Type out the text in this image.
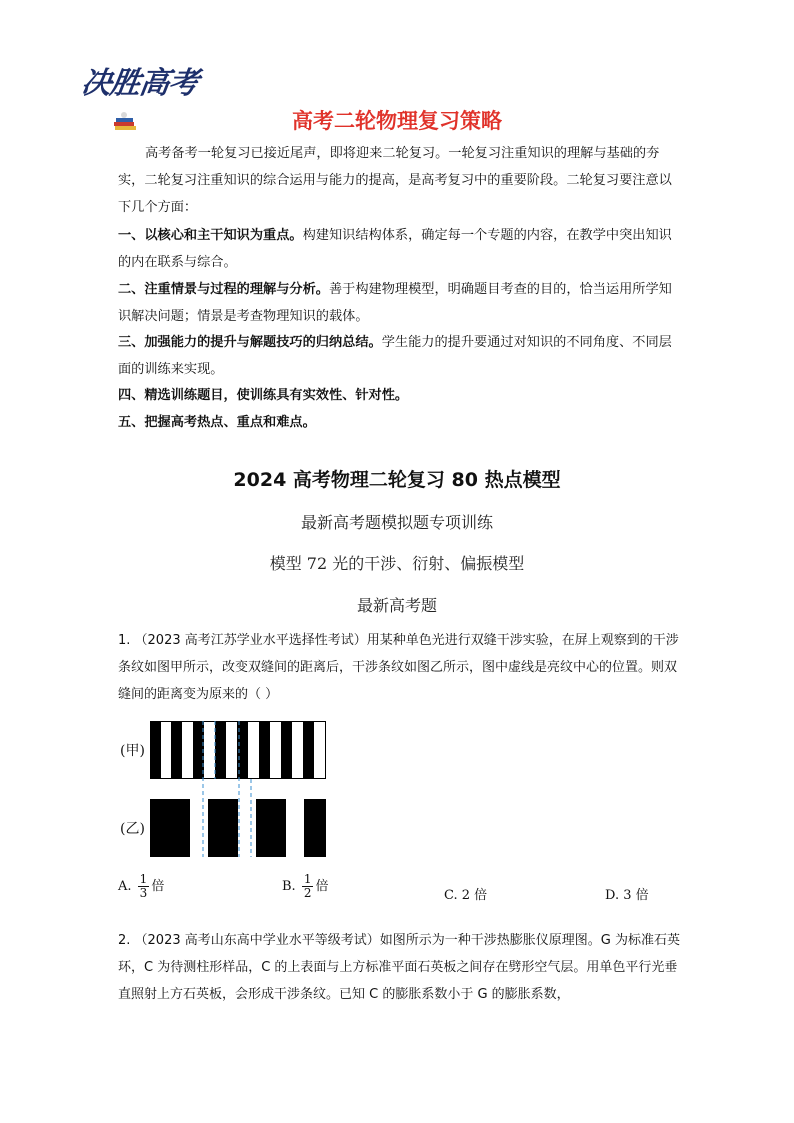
决胜高考
高考二轮物理复习策略
高考备考一轮复习已接近尾声，即将迎来二轮复习。一轮复习注重知识的理解与基础的夯实，二轮复习注重知识的综合运用与能力的提高，是高考复习中的重要阶段。二轮复习要注意以下几个方面：
一、以核心和主干知识为重点。构建知识结构体系，确定每一个专题的内容，在教学中突出知识的内在联系与综合。
二、注重情景与过程的理解与分析。善于构建物理模型，明确题目考查的目的，恰当运用所学知识解决问题；情景是考查物理知识的载体。
三、加强能力的提升与解题技巧的归纳总结。学生能力的提升要通过对知识的不同角度、不同层面的训练来实现。
四、精选训练题目，使训练具有实效性、针对性。
五、把握高考热点、重点和难点。
2024 高考物理二轮复习 80 热点模型
最新高考题模拟题专项训练
模型 72 光的干涉、衍射、偏振模型
最新高考题
1. （2023 高考江苏学业水平选择性考试）用某种单色光进行双缝干涉实验，在屏上观察到的干涉条纹如图甲所示，改变双缝间的距离后，干涉条纹如图乙所示，图中虚线是亮纹中心的位置。则双缝间的距离变为原来的（ ）
(甲)
(乙)
A. $\frac{1}{3}$ 倍	B. $\frac{1}{2}$ 倍
C. 2 倍	D. 3 倍
2. （2023 高考山东高中学业水平等级考试）如图所示为一种干涉热膨胀仪原理图。G 为标准石英环，C 为待测柱形样品，C 的上表面与上方标准平面石英板之间存在劈形空气层。用单色平行光垂直照射上方石英板，会形成干涉条纹。已知 C 的膨胀系数小于 G 的膨胀系数，
